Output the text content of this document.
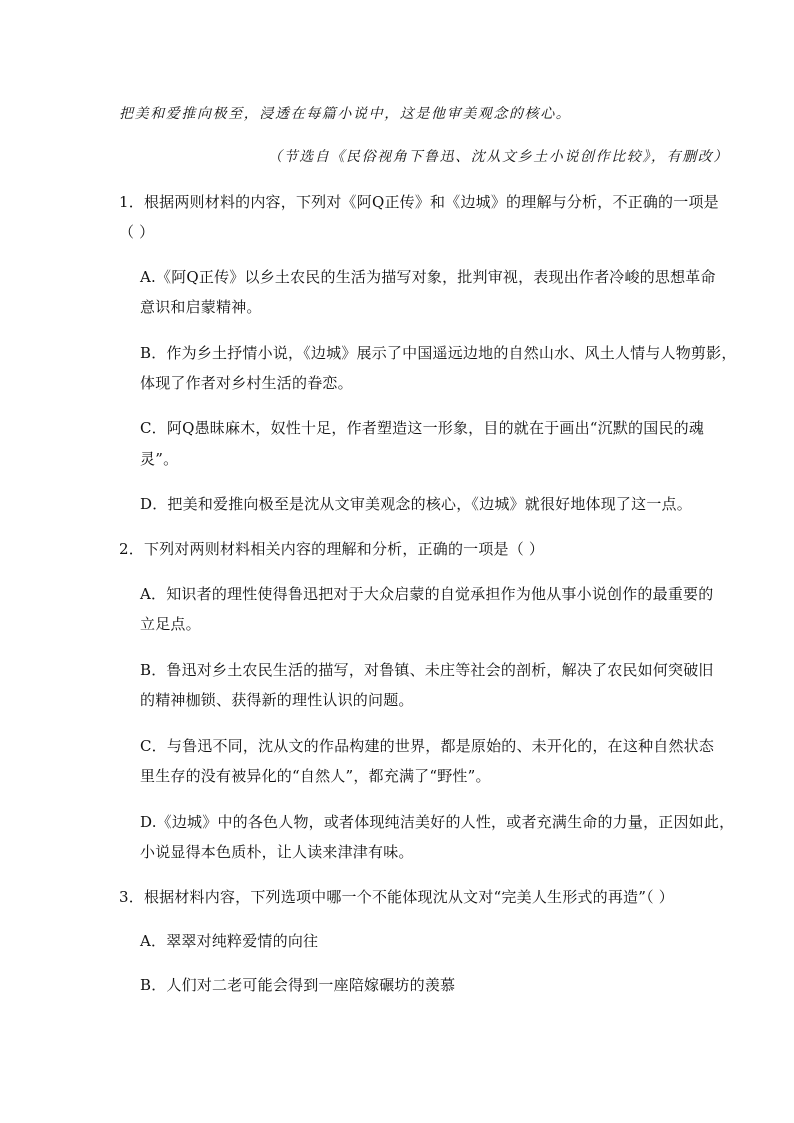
把美和爱推向极至，浸透在每篇小说中，这是他审美观念的核心。
（节选自《民俗视角下鲁迅、沈从文乡土小说创作比较》，有删改）
1．根据两则材料的内容，下列对《阿Q正传》和《边城》的理解与分析，不正确的一项是
（ ）
A.《阿Q正传》以乡土农民的生活为描写对象，批判审视，表现出作者冷峻的思想革命
意识和启蒙精神。
B．作为乡土抒情小说，《边城》展示了中国遥远边地的自然山水、风土人情与人物剪影，
体现了作者对乡村生活的眷恋。
C．阿Q愚昧麻木，奴性十足，作者塑造这一形象，目的就在于画出“沉默的国民的魂
灵”。
D．把美和爱推向极至是沈从文审美观念的核心，《边城》就很好地体现了这一点。
2．下列对两则材料相关内容的理解和分析，正确的一项是（ ）
A．知识者的理性使得鲁迅把对于大众启蒙的自觉承担作为他从事小说创作的最重要的
立足点。
B．鲁迅对乡土农民生活的描写，对鲁镇、未庄等社会的剖析，解决了农民如何突破旧
的精神枷锁、获得新的理性认识的问题。
C．与鲁迅不同，沈从文的作品构建的世界，都是原始的、未开化的，在这种自然状态
里生存的没有被异化的“自然人”，都充满了“野性”。
D.《边城》中的各色人物，或者体现纯洁美好的人性，或者充满生命的力量，正因如此，
小说显得本色质朴，让人读来津津有味。
3．根据材料内容，下列选项中哪一个不能体现沈从文对“完美人生形式的再造”（ ）
A．翠翠对纯粹爱情的向往
B．人们对二老可能会得到一座陪嫁碾坊的羡慕
